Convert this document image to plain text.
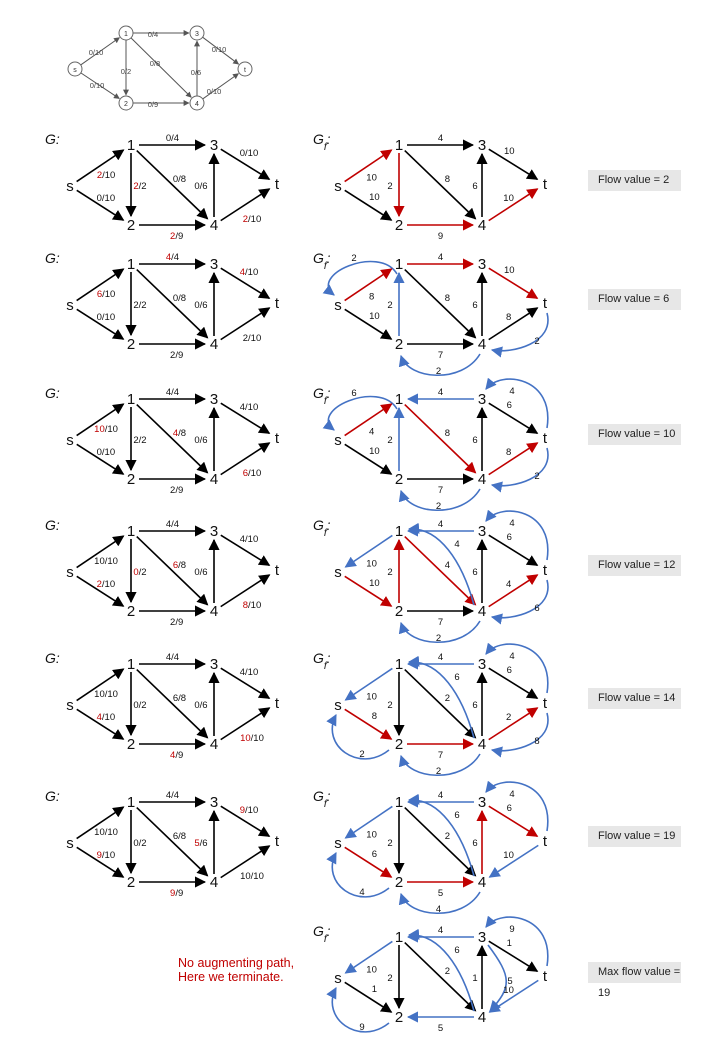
0/10
0/10
0/4
0/2
0/8
0/9
0/6
0/10
0/10
s
1
2
3
4
t
G:
2/10
0/10
0/4
2/2
0/8
2/9
0/6
0/10
2/10
s
1
2
3
4
t
$G_f$:
10
10
4
2
8
9
6
10
10
s
1
2
3
4
t
G:
6/10
0/10
4/4
2/2
0/8
2/9
0/6
4/10
2/10
s
1
2
3
4
t
$G_f$: 2
8
10
4
2
8
7
2
6
10
8
2
s
1
2
3
4
t
G:
10/10
0/10
4/4
2/2
4/8
2/9
0/6
4/10
6/10
s
1
2
3
4
t
$G_f$: 6
4
10
4
2
8
7
2
6
6
4
8
2
s
1
2
3
4
t
G:
10/10
2/10
4/4
0/2
6/8
2/9
0/6
4/10
8/10
s
1
2
3
4
t
$G_f$:
10
10
4
2
4
4
7
2
6
6
4
4
6
s
1
2
3
4
t
G:
10/10
4/10
4/4
0/2
6/8
4/9
0/6
4/10
10/10
s
1
2
3
4
t
$G_f$:
10
8
2
4
2
2
6
7
2
6
6
4
2
8
s
1
2
3
4
t
G:
10/10
9/10
4/4
0/2
6/8
9/9
5/6
9/10
10/10
s
1
2
3
4
t
$G_f$:
10
6
4
4
2
2
6
5
4
6
6
4
10
s
1
2
3
4
t
$G_f$:
10
1
9
4
2
2
6
5
1	5
1
9
10
s
1
2
3
4
t
Flow value = 2
Flow value = 6
Flow value = 10
Flow value = 12
Flow value = 14
Flow value = 19
Max flow value = 19
No augmenting path,
Here we terminate.
